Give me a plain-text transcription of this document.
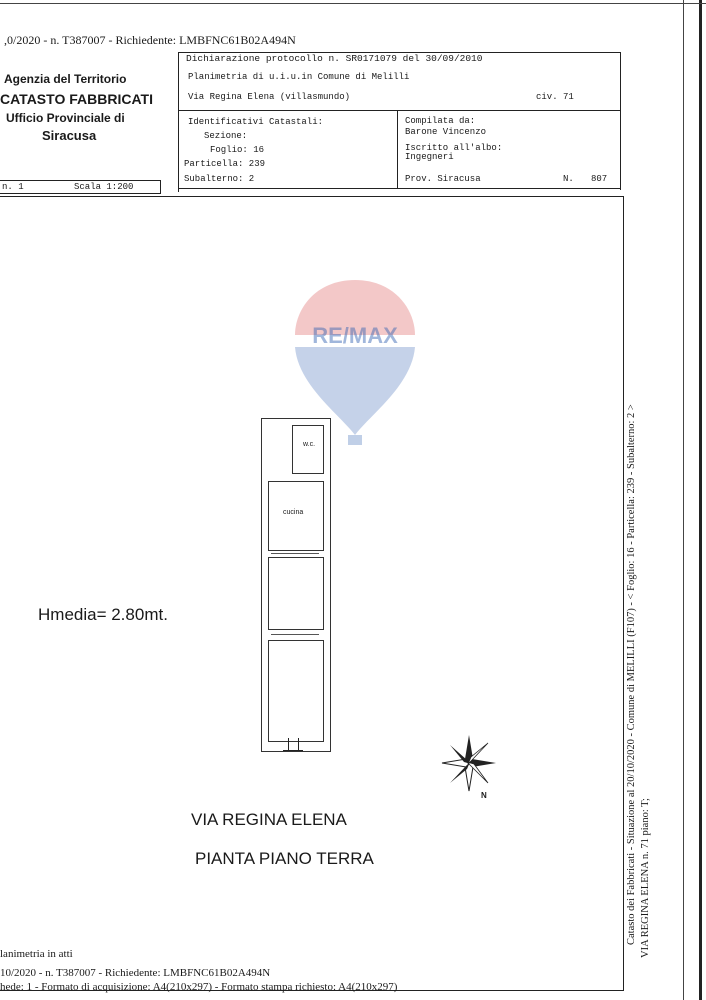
,0/2020 - n. T387007 - Richiedente: LMBFNC61B02A494N
Agenzia del Territorio
CATASTO FABBRICATI
Ufficio Provinciale di
Siracusa
Dichiarazione protocollo n. SR0171079 del 30/09/2010
Planimetria di u.i.u.in Comune di Melilli
Via Regina Elena (villasmundo)	civ. 71
Identificativi Catastali:
Sezione:
Foglio: 16
Particella: 239
Subalterno: 2
Compilata da:
Barone Vincenzo
Iscritto all'albo:
Ingegneri
Prov. Siracusa	N. 807
n. 1	Scala 1:200
RE/MAX
w.c.
cucina
Hmedia= 2.80mt.
N
VIA REGINA ELENA
PIANTA PIANO TERRA	Catasto dei Fabbricati - Situazione al 20/10/2020 - Comune di MELILLI (F107) - < Foglio: 16 - Particella: 239 - Subalterno: 2 > VIA REGINA ELENA n. 71 piano: T;
lanimetria in atti
10/2020 - n. T387007 - Richiedente: LMBFNC61B02A494N
hede: 1 - Formato di acquisizione: A4(210x297) - Formato stampa richiesto: A4(210x297)
